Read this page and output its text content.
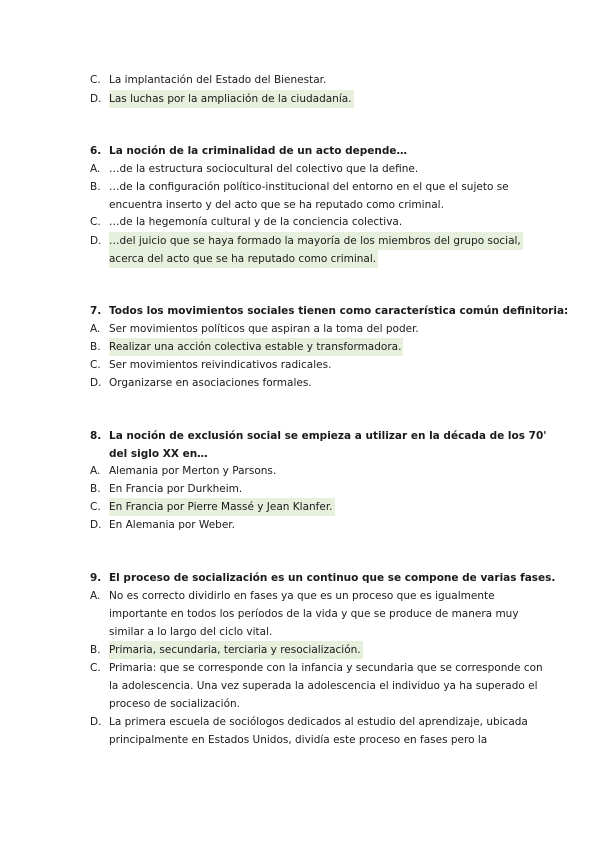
C. La implantación del Estado del Bienestar.
D. Las luchas por la ampliación de la ciudadanía.
6. La noción de la criminalidad de un acto depende…
A. …de la estructura sociocultural del colectivo que la define.
B. …de la configuración político-institucional del entorno en el que el sujeto se
encuentra inserto y del acto que se ha reputado como criminal.
C. …de la hegemonía cultural y de la conciencia colectiva.
D. …del juicio que se haya formado la mayoría de los miembros del grupo social,
acerca del acto que se ha reputado como criminal.
7. Todos los movimientos sociales tienen como característica común definitoria:
A. Ser movimientos políticos que aspiran a la toma del poder.
B. Realizar una acción colectiva estable y transformadora.
C. Ser movimientos reivindicativos radicales.
D. Organizarse en asociaciones formales.
8. La noción de exclusión social se empieza a utilizar en la década de los 70'
del siglo XX en…
A. Alemania por Merton y Parsons.
B. En Francia por Durkheim.
C. En Francia por Pierre Massé y Jean Klanfer.
D. En Alemania por Weber.
9. El proceso de socialización es un continuo que se compone de varias fases.
A. No es correcto dividirlo en fases ya que es un proceso que es igualmente
importante en todos los períodos de la vida y que se produce de manera muy
similar a lo largo del ciclo vital.
B. Primaria, secundaria, terciaria y resocialización.
C. Primaria: que se corresponde con la infancia y secundaria que se corresponde con
la adolescencia. Una vez superada la adolescencia el individuo ya ha superado el
proceso de socialización.
D. La primera escuela de sociólogos dedicados al estudio del aprendizaje, ubicada
principalmente en Estados Unidos, dividía este proceso en fases pero la
